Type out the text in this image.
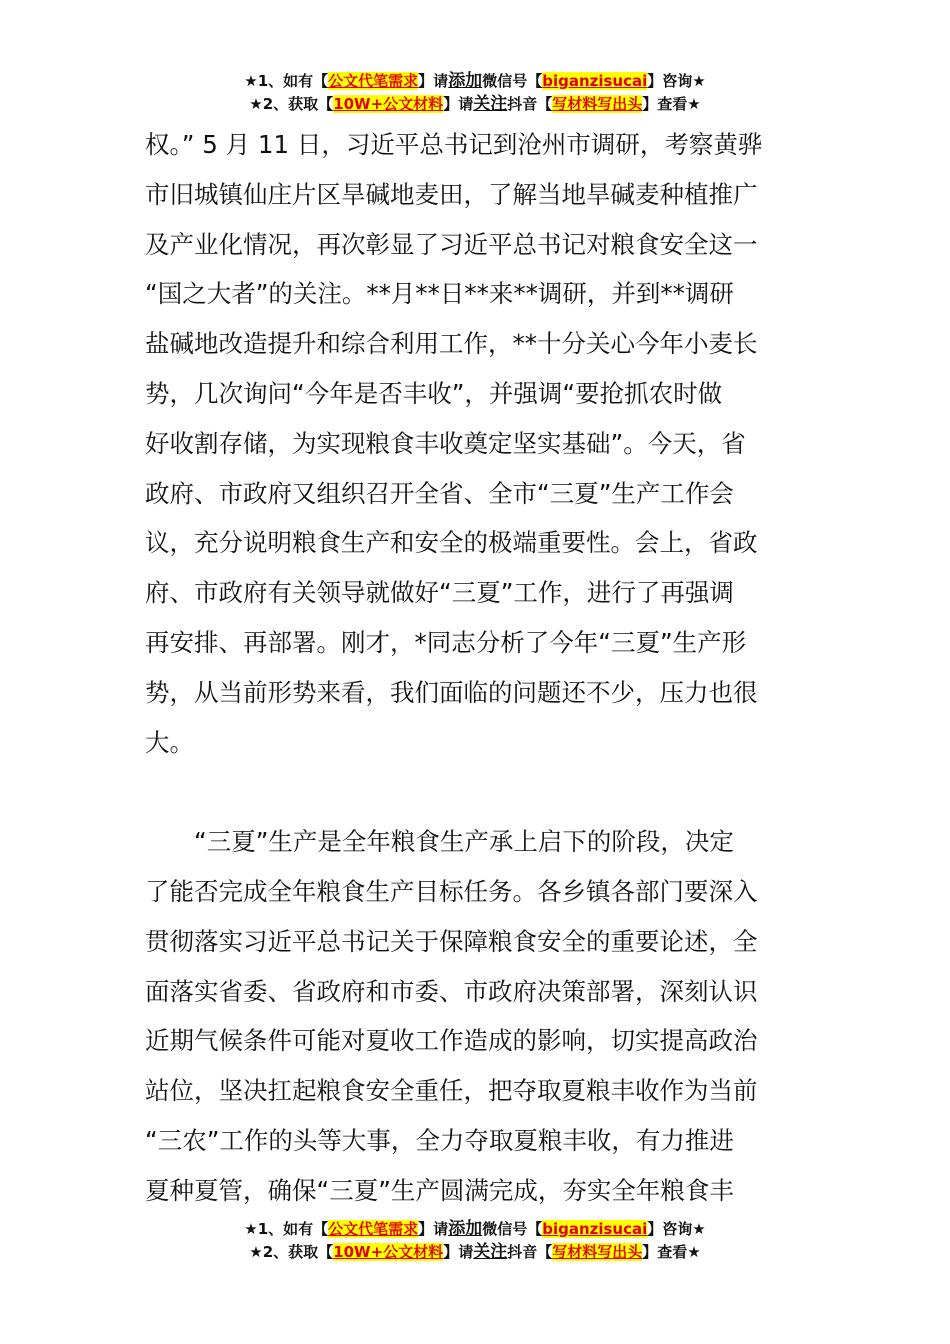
★1、如有【公文代笔需求】请添加微信号【biganzisucai】咨询★
★2、获取【10W+公文材料】请关注抖音【写材料写出头】查看★
权。” 5 月 11 日，习近平总书记到沧州市调研，考察黄骅
市旧城镇仙庄片区旱碱地麦田，了解当地旱碱麦种植推广
及产业化情况，再次彰显了习近平总书记对粮食安全这一
“国之大者”的关注。**月**日**来**调研，并到**调研
盐碱地改造提升和综合利用工作，**十分关心今年小麦长
势，几次询问“今年是否丰收”，并强调“要抢抓农时做
好收割存储，为实现粮食丰收奠定坚实基础”。今天，省
政府、市政府又组织召开全省、全市“三夏”生产工作会
议，充分说明粮食生产和安全的极端重要性。会上，省政
府、市政府有关领导就做好“三夏”工作，进行了再强调
再安排、再部署。刚才，*同志分析了今年“三夏”生产形
势，从当前形势来看，我们面临的问题还不少，压力也很
大。
　　“三夏”生产是全年粮食生产承上启下的阶段，决定
了能否完成全年粮食生产目标任务。各乡镇各部门要深入
贯彻落实习近平总书记关于保障粮食安全的重要论述，全
面落实省委、省政府和市委、市政府决策部署，深刻认识
近期气候条件可能对夏收工作造成的影响，切实提高政治
站位，坚决扛起粮食安全重任，把夺取夏粮丰收作为当前
“三农”工作的头等大事，全力夺取夏粮丰收，有力推进
夏种夏管，确保“三夏”生产圆满完成，夯实全年粮食丰
★1、如有【公文代笔需求】请添加微信号【biganzisucai】咨询★
★2、获取【10W+公文材料】请关注抖音【写材料写出头】查看★
